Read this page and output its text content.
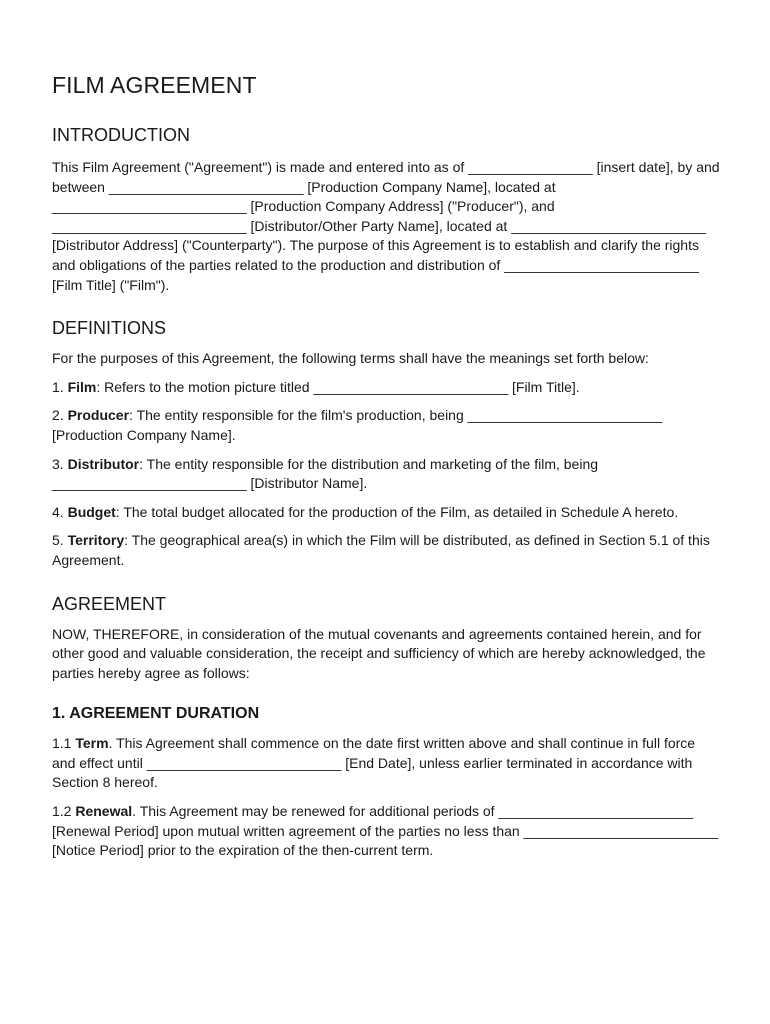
FILM AGREEMENT
INTRODUCTION

This Film Agreement ("Agreement") is made and entered into as of ________________ [insert date], by and between _________________________ [Production Company Name], located at _________________________ [Production Company Address] ("Producer"), and _________________________ [Distributor/Other Party Name], located at _________________________ [Distributor Address] ("Counterparty"). The purpose of this Agreement is to establish and clarify the rights and obligations of the parties related to the production and distribution of _________________________ [Film Title] ("Film").

DEFINITIONS

For the purposes of this Agreement, the following terms shall have the meanings set forth below:

1. Film: Refers to the motion picture titled _________________________ [Film Title].

2. Producer: The entity responsible for the film's production, being _________________________ [Production Company Name].

3. Distributor: The entity responsible for the distribution and marketing of the film, being _________________________ [Distributor Name].

4. Budget: The total budget allocated for the production of the Film, as detailed in Schedule A hereto.

5. Territory: The geographical area(s) in which the Film will be distributed, as defined in Section 5.1 of this Agreement.

AGREEMENT

NOW, THEREFORE, in consideration of the mutual covenants and agreements contained herein, and for other good and valuable consideration, the receipt and sufficiency of which are hereby acknowledged, the parties hereby agree as follows:

1. AGREEMENT DURATION

1.1 Term. This Agreement shall commence on the date first written above and shall continue in full force and effect until _________________________ [End Date], unless earlier terminated in accordance with Section 8 hereof.

1.2 Renewal. This Agreement may be renewed for additional periods of _________________________ [Renewal Period] upon mutual written agreement of the parties no less than _________________________ [Notice Period] prior to the expiration of the then-current term.
